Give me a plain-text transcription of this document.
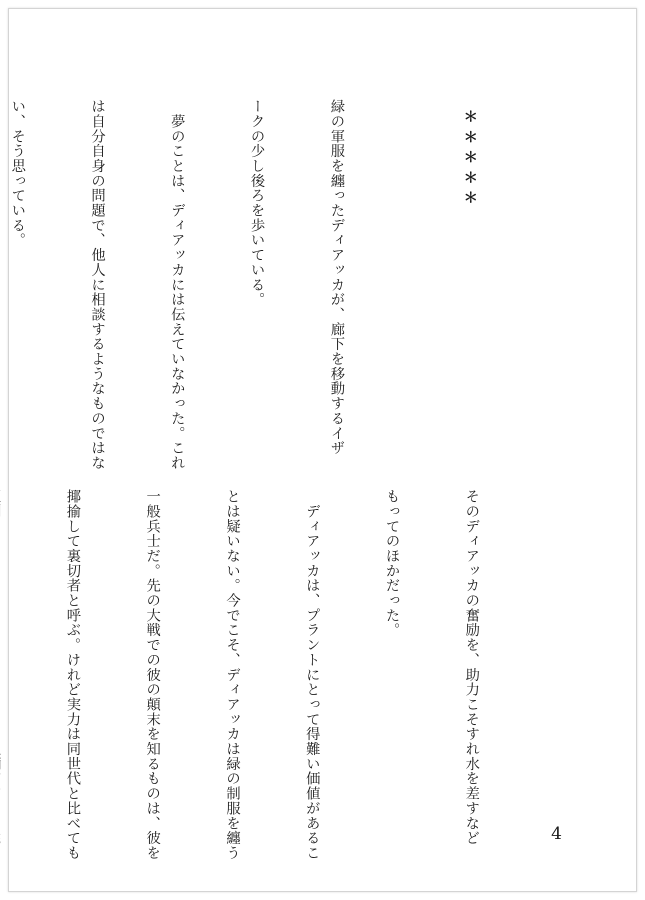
＊＊＊＊＊

緑の軍服を纏ったディアッカが、廊下を移動するイザ

ークの少し後ろを歩いている。

　夢のことは、ディアッカには伝えていなかった。これ

は自分自身の問題で、他人に相談するようなものではな

い、そう思っている。

そのディアッカの奮励を、助力こそすれ水を差すなど

もってのほかだった。

　ディアッカは、プラントにとって得難い価値があるこ

とは疑いない。今でこそ、ディアッカは緑の制服を纏う

一般兵士だ。先の大戦での彼の顛末を知るものは、彼を

揶揄して裏切者と呼ぶ。けれど実力は同世代と比べても

	4
